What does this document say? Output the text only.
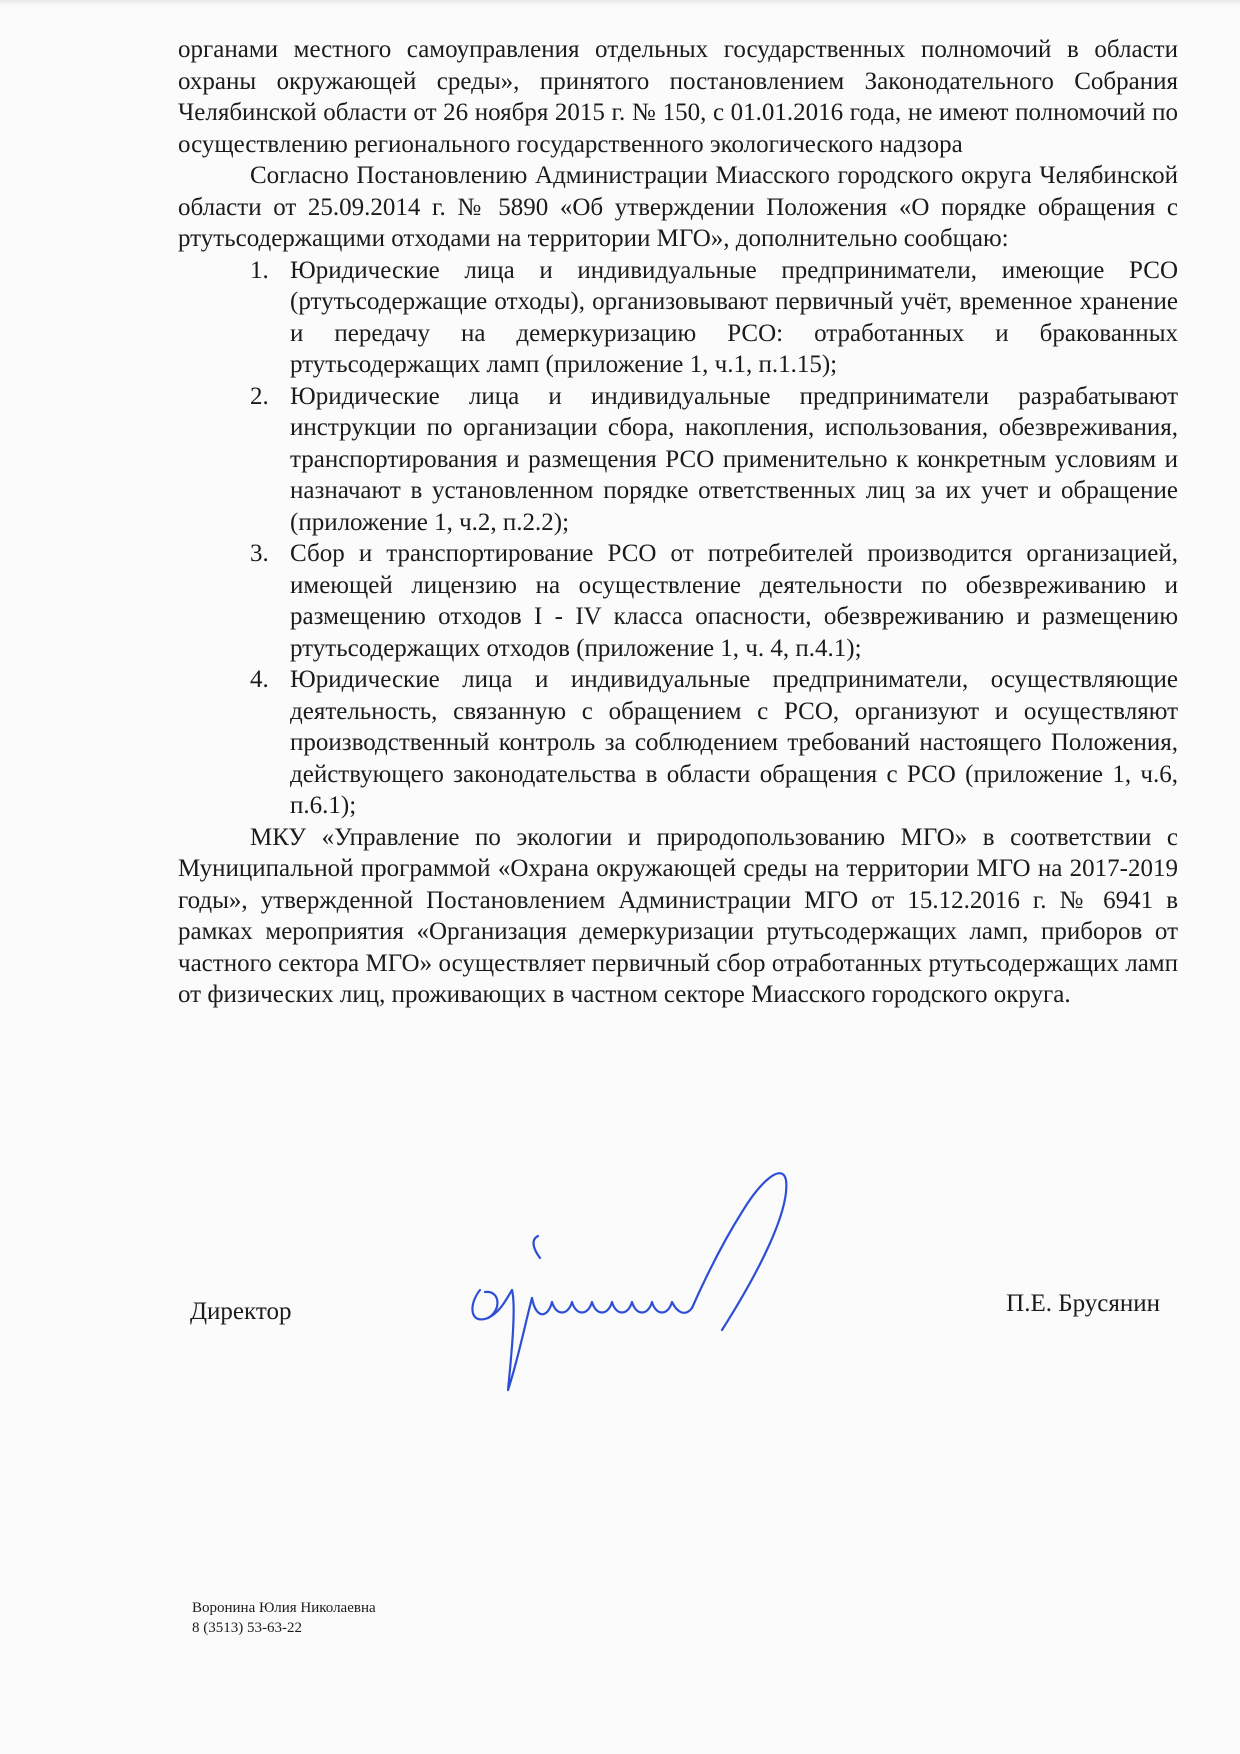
органами местного самоуправления отдельных государственных полномочий в области охраны окружающей среды», принятого постановлением Законодательного Собрания Челябинской области от 26 ноября 2015 г. № 150, с 01.01.2016 года, не имеют полномочий по осуществлению регионального государственного экологического надзора

Согласно Постановлению Администрации Миасского городского округа Челябинской области от 25.09.2014 г. № 5890 «Об утверждении Положения «О порядке обращения с ртутьсодержащими отходами на территории МГО», дополнительно сообщаю:

1. Юридические лица и индивидуальные предприниматели, имеющие РСО (ртутьсодержащие отходы), организовывают первичный учёт, временное хранение и передачу на демеркуризацию РСО: отработанных и бракованных ртутьсодержащих ламп (приложение 1, ч.1, п.1.15);
2. Юридические лица и индивидуальные предприниматели разрабатывают инструкции по организации сбора, накопления, использования, обезвреживания, транспортирования и размещения РСО применительно к конкретным условиям и назначают в установленном порядке ответственных лиц за их учет и обращение (приложение 1, ч.2, п.2.2);
3. Сбор и транспортирование РСО от потребителей производится организацией, имеющей лицензию на осуществление деятельности по обезвреживанию и размещению отходов I - IV класса опасности, обезвреживанию и размещению ртутьсодержащих отходов (приложение 1, ч. 4, п.4.1);
4. Юридические лица и индивидуальные предприниматели, осуществляющие деятельность, связанную с обращением с РСО, организуют и осуществляют производственный контроль за соблюдением требований настоящего Положения, действующего законодательства в области обращения с РСО (приложение 1, ч.6, п.6.1);

МКУ «Управление по экологии и природопользованию МГО» в соответствии с Муниципальной программой «Охрана окружающей среды на территории МГО на 2017-2019 годы», утвержденной Постановлением Администрации МГО от 15.12.2016 г. № 6941 в рамках мероприятия «Организация демеркуризации ртутьсодержащих ламп, приборов от частного сектора МГО» осуществляет первичный сбор отработанных ртутьсодержащих ламп от физических лиц, проживающих в частном секторе Миасского городского округа.

Директор	П.Е. Брусянин
Воронина Юлия Николаевна
8 (3513) 53-63-22
